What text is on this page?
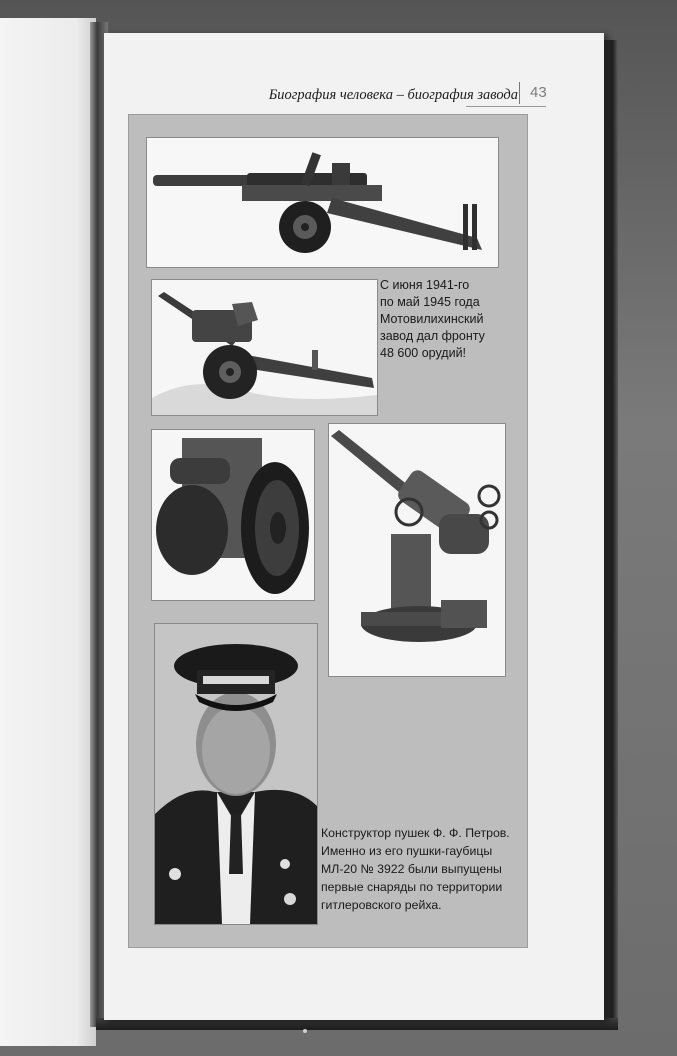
Биография человека – биография завода 43
С июня 1941-го
по май 1945 года
Мотовилихинский
завод дал фронту
48 600 орудий!
Конструктор пушек Ф. Ф. Петров.
Именно из его пушки-гаубицы
МЛ-20 № 3922 были выпущены
первые снаряды по территории
гитлеровского рейха.
